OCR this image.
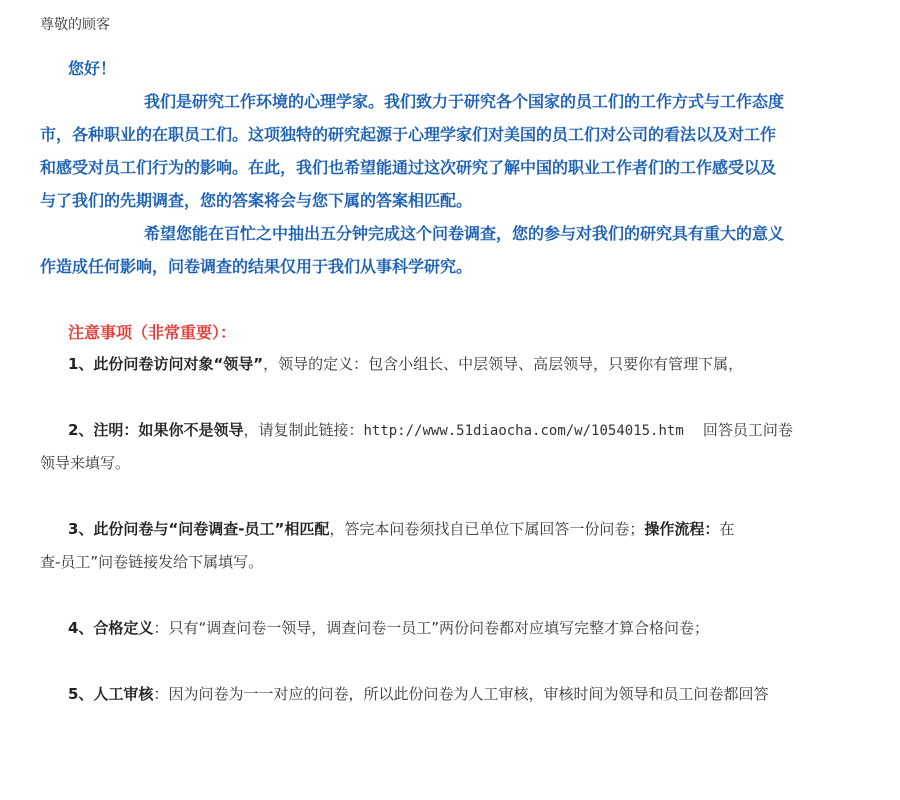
尊敬的顾客
您好！
我们是研究工作环境的心理学家。我们致力于研究各个国家的员工们的工作方式与工作态度
市，各种职业的在职员工们。这项独特的研究起源于心理学家们对美国的员工们对公司的看法以及对工作
和感受对员工们行为的影响。在此，我们也希望能通过这次研究了解中国的职业工作者们的工作感受以及
与了我们的先期调查，您的答案将会与您下属的答案相匹配。
希望您能在百忙之中抽出五分钟完成这个问卷调查，您的参与对我们的研究具有重大的意义
作造成任何影响，问卷调查的结果仅用于我们从事科学研究。
注意事项（非常重要）：
1、此份问卷访问对象“领导”，领导的定义：包含小组长、中层领导、高层领导，只要你有管理下属，
2、注明：如果你不是领导，请复制此链接：http://www.51diaocha.com/w/1054015.htm    回答员工问卷
领导来填写。
3、此份问卷与“问卷调查-员工”相匹配，答完本问卷须找自已单位下属回答一份问卷；操作流程：在
查-员工”问卷链接发给下属填写。
4、合格定义：只有“调查问卷一领导，调查问卷一员工”两份问卷都对应填写完整才算合格问卷；
5、人工审核：因为问卷为一一对应的问卷，所以此份问卷为人工审核，审核时间为领导和员工问卷都回答
